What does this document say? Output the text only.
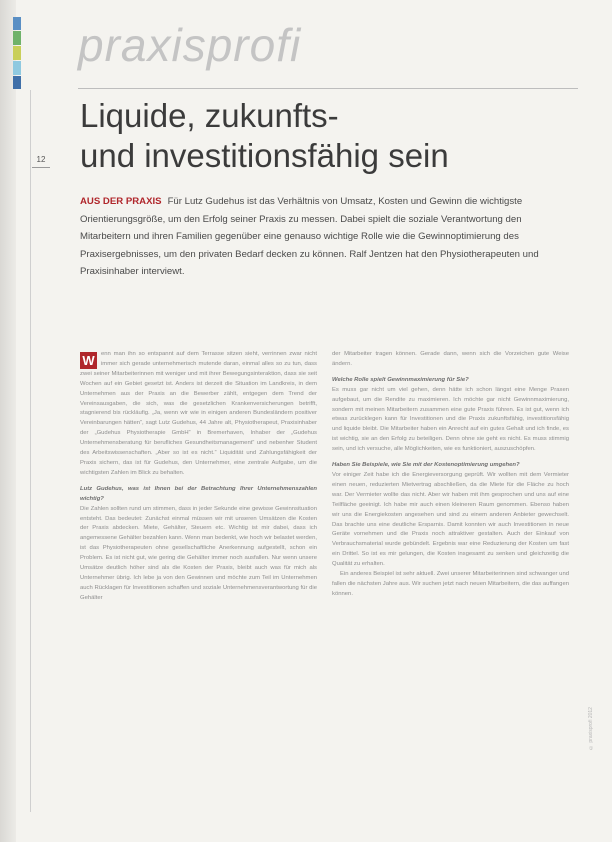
praxisprofi
12
Liquide, zukunfts-
und investitionsfähig sein
AUS DER PRAXIS Für Lutz Gudehus ist das Verhältnis von Umsatz, Kosten und Gewinn die wichtigste Orientierungsgröße, um den Erfolg seiner Praxis zu messen. Dabei spielt die soziale Verantwortung den Mitarbeitern und ihren Familien gegenüber eine genauso wichtige Rolle wie die Gewinnoptimierung des Praxisergebnisses, um den privaten Bedarf decken zu können. Ralf Jentzen hat den Physiotherapeuten und Praxisinhaber interviewt.

W	enn man ihn so entspannt auf dem Terrasse sitzen sieht, verrinnen zwar nicht immer sich gerade unternehmerisch mutende daran, einmal alles so zu tun, dass zwei seiner Mitarbeiterinnen mit weniger und mit ihrer Bewegungsinteraktion, dass sie seit Wochen auf ein Gebiet gesetzt ist. Anders ist derzeit die Situation im Landkreis, in dem Unternehmen aus der Praxis an die Bewerber zählt, entgegen dem Trend der Vereinsausgaben, die sich, was die gesetzlichen Krankenversicherungen betrifft, stagnierend bis rückläufig. „Ja, wenn wir wie in einigen anderen Bundesländern positiver Vereinbarungen hätten“, sagt Lutz Gudehus, 44 Jahre alt, Physiotherapeut, Praxisinhaber der „Gudehus Physiotherapie GmbH“ in Bremerhaven, Inhaber der „Gudehus Unternehmensberatung für berufliches Gesundheitsmanagement“ und nebenher Student des Arbeitswissenschaften. „Aber so ist es nicht.“ Liquidität und Zahlungsfähigkeit der Praxis sichern, das ist für Gudehus, den Unternehmer, eine zentrale Aufgabe, um die wichtigsten Zahlen im Blick zu behalten.

Lutz Gudehus, was ist Ihnen bei der Betrachtung Ihrer Unternehmenszahlen wichtig?

Die Zahlen sollten rund um stimmen, dass in jeder Sekunde eine gewisse Gewinnsituation entsteht. Das bedeutet: Zunächst einmal müssen wir mit unseren Umsätzen die Kosten der Praxis abdecken. Miete, Gehälter, Steuern etc. Wichtig ist mir dabei, dass ich angemessene Gehälter bezahlen kann. Wenn man bedenkt, wie hoch wir belastet werden, ist das Physiotherapeuten ohne gesellschaftliche Anerkennung aufgestellt, schon ein Problem. Es ist nicht gut, wie gering die Gehälter immer noch ausfallen. Nur wenn unsere Umsätze deutlich höher sind als die Kosten der Praxis, bleibt auch was für mich als Unternehmer übrig. Ich lebe ja von den Gewinnen und möchte zum Teil im Unternehmen auch Rücklagen für Investitionen schaffen und soziale Unternehmensverantwortung für die Gehälter

der Mitarbeiter tragen können. Gerade dann, wenn sich die Vorzeichen gute Weise ändern.

Welche Rolle spielt Gewinnmaximierung für Sie?

Es muss gar nicht um viel gehen, denn hätte ich schon längst eine Menge Praxen aufgebaut, um die Rendite zu maximieren. Ich möchte gar nicht Gewinnmaximierung, sondern mit meinen Mitarbeitern zusammen eine gute Praxis führen. Es ist gut, wenn ich etwas zurücklegen kann für Investitionen und die Praxis zukunftsfähig, investitionsfähig und liquide bleibt. Die Mitarbeiter haben ein Anrecht auf ein gutes Gehalt und ich finde, es ist wichtig, sie an den Erfolg zu beteiligen. Denn ohne sie geht es nicht. Es muss stimmig sein, und ich versuche, alle Möglichkeiten, wie es funktioniert, auszuschöpfen.

Haben Sie Beispiele, wie Sie mit der Kostenoptimierung umgehen?

Vor einiger Zeit habe ich die Energieversorgung geprüft. Wir wollten mit dem Vermieter einen neuen, reduzierten Mietvertrag abschließen, da die Miete für die Fläche zu hoch war. Der Vermieter wollte das nicht. Aber wir haben mit ihm gesprochen und uns auf eine Teilfläche geeinigt. Ich habe mir auch einen kleineren Raum genommen. Ebenso haben wir uns die Energiekosten angesehen und sind zu einem anderen Anbieter gewechselt. Das brachte uns eine deutliche Ersparnis. Damit konnten wir auch Investitionen in neue Geräte vornehmen und die Praxis noch attraktiver gestalten. Auch der Einkauf von Verbrauchsmaterial wurde gebündelt. Ergebnis war eine Reduzierung der Kosten um fast ein Drittel. So ist es mir gelungen, die Kosten insgesamt zu senken und gleichzeitig die Qualität zu erhalten.

Ein anderes Beispiel ist sehr aktuell. Zwei unserer Mitarbeiterinnen sind schwanger und fallen die nächsten Jahre aus. Wir suchen jetzt nach neuen Mitarbeitern, die das auffangen können.

© praxisprofi 2012
